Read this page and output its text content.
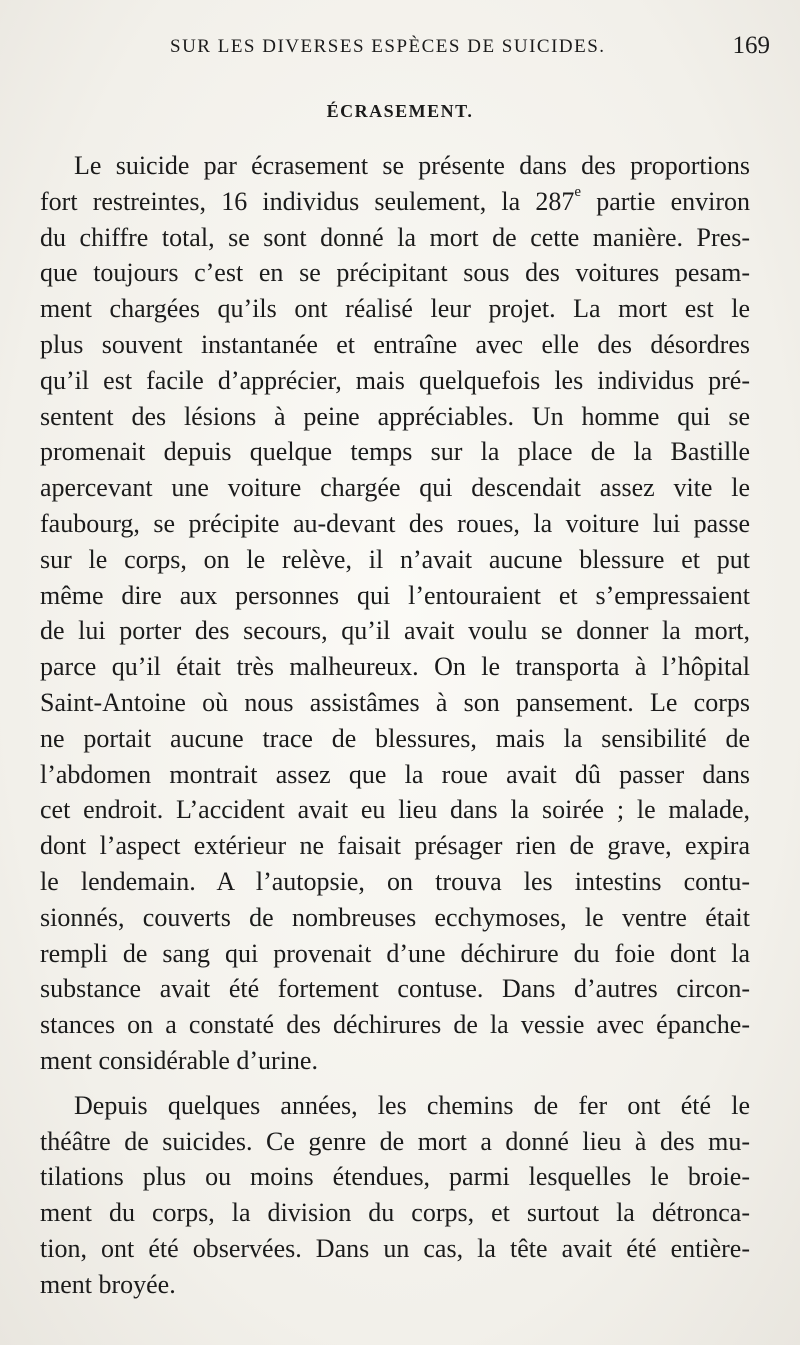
SUR LES DIVERSES ESPÈCES DE SUICIDES.	169
ÉCRASEMENT.
Le suicide par écrasement se présente dans des proportions
fort restreintes, 16 individus seulement, la 287e partie environ
du chiffre total, se sont donné la mort de cette manière. Pres-
que toujours c’est en se précipitant sous des voitures pesam-
ment chargées qu’ils ont réalisé leur projet. La mort est le
plus souvent instantanée et entraîne avec elle des désordres
qu’il est facile d’apprécier, mais quelquefois les individus pré-
sentent des lésions à peine appréciables. Un homme qui se
promenait depuis quelque temps sur la place de la Bastille
apercevant une voiture chargée qui descendait assez vite le
faubourg, se précipite au-devant des roues, la voiture lui passe
sur le corps, on le relève, il n’avait aucune blessure et put
même dire aux personnes qui l’entouraient et s’empressaient
de lui porter des secours, qu’il avait voulu se donner la mort,
parce qu’il était très malheureux. On le transporta à l’hôpital
Saint-Antoine où nous assistâmes à son pansement. Le corps
ne portait aucune trace de blessures, mais la sensibilité de
l’abdomen montrait assez que la roue avait dû passer dans
cet endroit. L’accident avait eu lieu dans la soirée ; le malade,
dont l’aspect extérieur ne faisait présager rien de grave, expira
le lendemain. A l’autopsie, on trouva les intestins contu-
sionnés, couverts de nombreuses ecchymoses, le ventre était
rempli de sang qui provenait d’une déchirure du foie dont la
substance avait été fortement contuse. Dans d’autres circon-
stances on a constaté des déchirures de la vessie avec épanche-
ment considérable d’urine.
Depuis quelques années, les chemins de fer ont été le
théâtre de suicides. Ce genre de mort a donné lieu à des mu-
tilations plus ou moins étendues, parmi lesquelles le broie-
ment du corps, la division du corps, et surtout la détronca-
tion, ont été observées. Dans un cas, la tête avait été entière-
ment broyée.
